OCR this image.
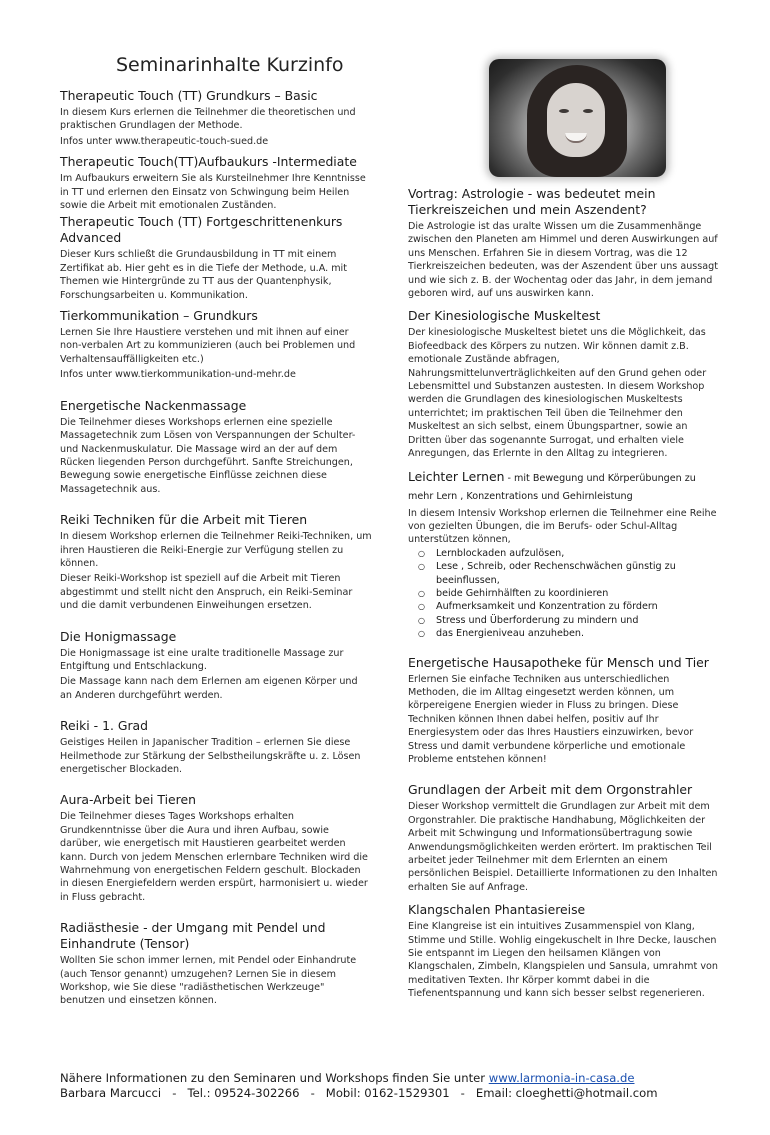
Seminarinhalte Kurzinfo
Therapeutic Touch (TT) Grundkurs – Basic

In diesem Kurs erlernen die Teilnehmer die theoretischen und praktischen Grundlagen der Methode.

Infos unter www.therapeutic-touch-sued.de

Therapeutic Touch(TT)Aufbaukurs -Intermediate

Im Aufbaukurs erweitern Sie als Kursteilnehmer Ihre Kenntnisse in TT und erlernen den Einsatz von Schwingung beim Heilen sowie die Arbeit mit emotionalen Zuständen.

Therapeutic Touch (TT) Fortgeschrittenenkurs Advanced

Dieser Kurs schließt die Grundausbildung in TT mit einem Zertifikat ab. Hier geht es in die Tiefe der Methode, u.A. mit Themen wie Hintergründe zu TT aus der Quantenphysik, Forschungsarbeiten u. Kommunikation.

Tierkommunikation – Grundkurs

Lernen Sie Ihre Haustiere verstehen und mit ihnen auf einer non-verbalen Art zu kommunizieren (auch bei Problemen und Verhaltensauffälligkeiten etc.)

Infos unter www.tierkommunikation-und-mehr.de

Energetische Nackenmassage

Die Teilnehmer dieses Workshops erlernen eine spezielle Massagetechnik zum Lösen von Verspannungen der Schulter- und Nackenmuskulatur. Die Massage wird an der auf dem Rücken liegenden Person durchgeführt. Sanfte Streichungen, Bewegung sowie energetische Einflüsse zeichnen diese Massagetechnik aus.

Reiki Techniken für die Arbeit mit Tieren

In diesem Workshop erlernen die Teilnehmer Reiki-Techniken, um ihren Haustieren die Reiki-Energie zur Verfügung stellen zu können.

Dieser Reiki-Workshop ist speziell auf die Arbeit mit Tieren abgestimmt und stellt nicht den Anspruch, ein Reiki-Seminar und die damit verbundenen Einweihungen ersetzen.

Die Honigmassage

Die Honigmassage ist eine uralte traditionelle Massage zur Entgiftung und Entschlackung.

Die Massage kann nach dem Erlernen am eigenen Körper und an Anderen durchgeführt werden.

Reiki - 1. Grad

Geistiges Heilen in Japanischer Tradition – erlernen Sie diese Heilmethode zur Stärkung der Selbstheilungskräfte u. z. Lösen energetischer Blockaden.

Aura-Arbeit bei Tieren

Die Teilnehmer dieses Tages Workshops erhalten Grundkenntnisse über die Aura und ihren Aufbau, sowie darüber, wie energetisch mit Haustieren gearbeitet werden kann. Durch von jedem Menschen erlernbare Techniken wird die Wahrnehmung von energetischen Feldern geschult. Blockaden in diesen Energiefeldern werden erspürt, harmonisiert u. wieder in Fluss gebracht.

Radiästhesie - der Umgang mit Pendel und Einhandrute (Tensor)

Wollten Sie schon immer lernen, mit Pendel oder Einhandrute (auch Tensor genannt) umzugehen? Lernen Sie in diesem Workshop, wie Sie diese "radiästhetischen Werkzeuge" benutzen und einsetzen können.

Vortrag: Astrologie - was bedeutet mein Tierkreiszeichen und mein Aszendent?

Die Astrologie ist das uralte Wissen um die Zusammenhänge zwischen den Planeten am Himmel und deren Auswirkungen auf uns Menschen. Erfahren Sie in diesem Vortrag, was die 12 Tierkreiszeichen bedeuten, was der Aszendent über uns aussagt und wie sich z. B. der Wochentag oder das Jahr, in dem jemand geboren wird, auf uns auswirken kann.

Der Kinesiologische Muskeltest

Der kinesiologische Muskeltest bietet uns die Möglichkeit, das Biofeedback des Körpers zu nutzen. Wir können damit z.B. emotionale Zustände abfragen, Nahrungsmittelunverträglichkeiten auf den Grund gehen oder Lebensmittel und Substanzen austesten. In diesem Workshop werden die Grundlagen des kinesiologischen Muskeltests unterrichtet; im praktischen Teil üben die Teilnehmer den Muskeltest an sich selbst, einem Übungspartner, sowie an Dritten über das sogenannte Surrogat, und erhalten viele Anregungen, das Erlernte in den Alltag zu integrieren.

Leichter Lernen - mit Bewegung und Körperübungen zu mehr Lern , Konzentrations und Gehirnleistung

In diesem Intensiv Workshop erlernen die Teilnehmer eine Reihe von gezielten Übungen, die im Berufs- oder Schul-Alltag unterstützen können,

○ Lernblockaden aufzulösen,
○ Lese , Schreib, oder Rechenschwächen günstig zu beeinflussen,
○ beide Gehirnhälften zu koordinieren
○ Aufmerksamkeit und Konzentration zu fördern
○ Stress und Überforderung zu mindern und
○ das Energieniveau anzuheben.
Energetische Hausapotheke für Mensch und Tier

Erlernen Sie einfache Techniken aus unterschiedlichen Methoden, die im Alltag eingesetzt werden können, um körpereigene Energien wieder in Fluss zu bringen. Diese Techniken können Ihnen dabei helfen, positiv auf Ihr Energiesystem oder das Ihres Haustiers einzuwirken, bevor Stress und damit verbundene körperliche und emotionale Probleme entstehen können!

Grundlagen der Arbeit mit dem Orgonstrahler

Dieser Workshop vermittelt die Grundlagen zur Arbeit mit dem Orgonstrahler. Die praktische Handhabung, Möglichkeiten der Arbeit mit Schwingung und Informationsübertragung sowie Anwendungsmöglichkeiten werden erörtert. Im praktischen Teil arbeitet jeder Teilnehmer mit dem Erlernten an einem persönlichen Beispiel. Detaillierte Informationen zu den Inhalten erhalten Sie auf Anfrage.

Klangschalen Phantasiereise

Eine Klangreise ist ein intuitives Zusammenspiel von Klang, Stimme und Stille. Wohlig eingekuschelt in Ihre Decke, lauschen Sie entspannt im Liegen den heilsamen Klängen von Klangschalen, Zimbeln, Klangspielen und Sansula, umrahmt von meditativen Texten. Ihr Körper kommt dabei in die Tiefenentspannung und kann sich besser selbst regenerieren.

Nähere Informationen zu den Seminaren und Workshops finden Sie unter www.larmonia-in-casa.de
Barbara Marcucci   -   Tel.: 09524-302266   -   Mobil: 0162-1529301   -   Email: cloeghetti@hotmail.com
